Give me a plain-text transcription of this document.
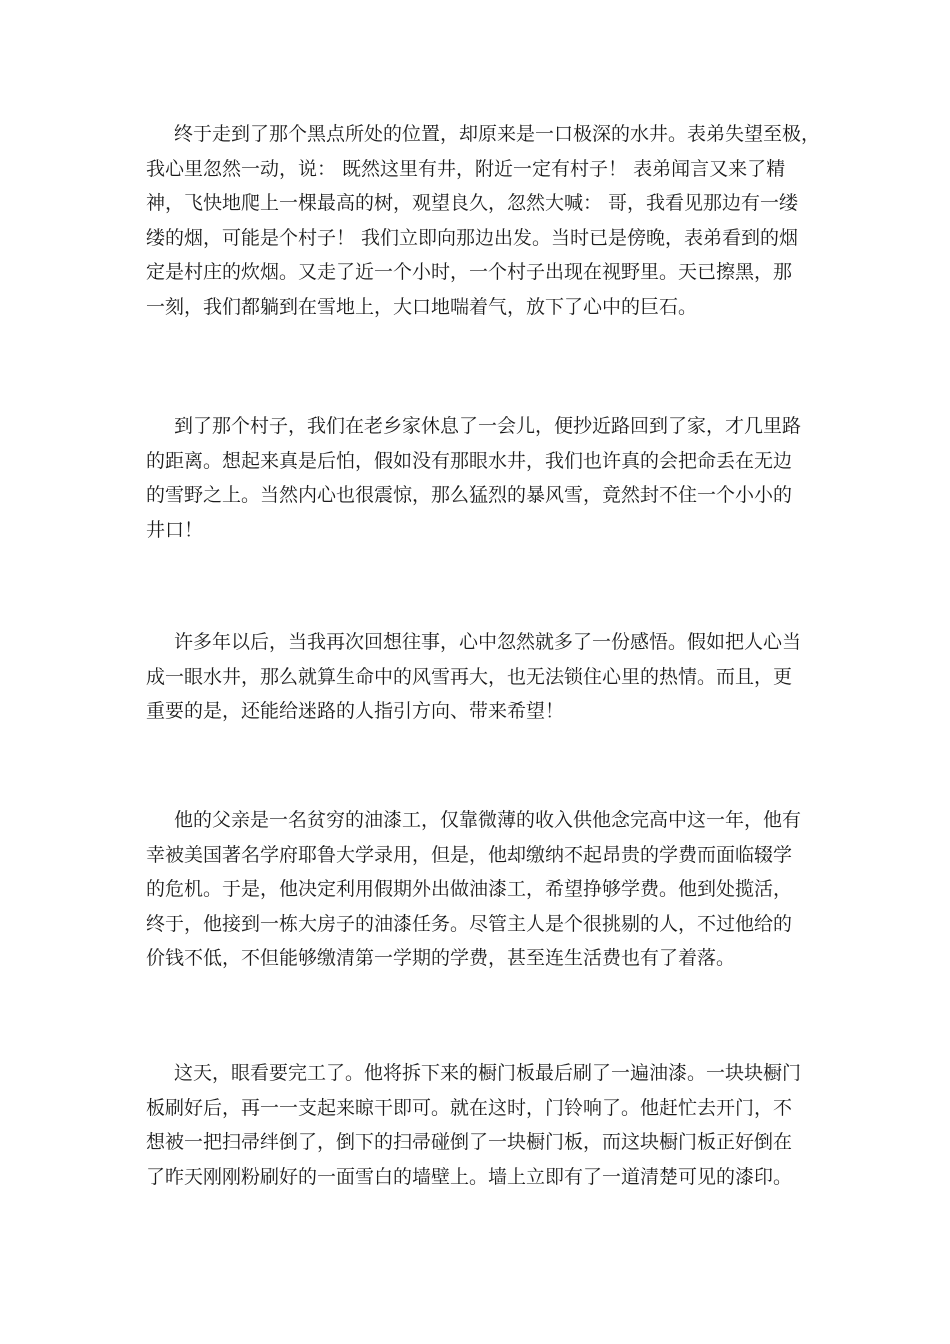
终于走到了那个黑点所处的位置，却原来是一口极深的水井。表弟失望至极，
我心里忽然一动，说： 既然这里有井，附近一定有村子！ 表弟闻言又来了精
神，飞快地爬上一棵最高的树，观望良久，忽然大喊： 哥，我看见那边有一缕
缕的烟，可能是个村子！ 我们立即向那边出发。当时已是傍晚，表弟看到的烟
定是村庄的炊烟。又走了近一个小时，一个村子出现在视野里。天已擦黑，那
一刻，我们都躺到在雪地上，大口地喘着气，放下了心中的巨石。

到了那个村子，我们在老乡家休息了一会儿，便抄近路回到了家，才几里路
的距离。想起来真是后怕，假如没有那眼水井，我们也许真的会把命丢在无边
的雪野之上。当然内心也很震惊，那么猛烈的暴风雪，竟然封不住一个小小的
井口！

许多年以后，当我再次回想往事，心中忽然就多了一份感悟。假如把人心当
成一眼水井，那么就算生命中的风雪再大，也无法锁住心里的热情。而且，更
重要的是，还能给迷路的人指引方向、带来希望！

他的父亲是一名贫穷的油漆工，仅靠微薄的收入供他念完高中这一年，他有
幸被美国著名学府耶鲁大学录用，但是，他却缴纳不起昂贵的学费而面临辍学
的危机。于是，他决定利用假期外出做油漆工，希望挣够学费。他到处揽活，
终于，他接到一栋大房子的油漆任务。尽管主人是个很挑剔的人，不过他给的
价钱不低，不但能够缴清第一学期的学费，甚至连生活费也有了着落。

这天，眼看要完工了。他将拆下来的橱门板最后刷了一遍油漆。一块块橱门
板刷好后，再一一支起来晾干即可。就在这时，门铃响了。他赶忙去开门，不
想被一把扫帚绊倒了，倒下的扫帚碰倒了一块橱门板，而这块橱门板正好倒在
了昨天刚刚粉刷好的一面雪白的墙壁上。墙上立即有了一道清楚可见的漆印。
